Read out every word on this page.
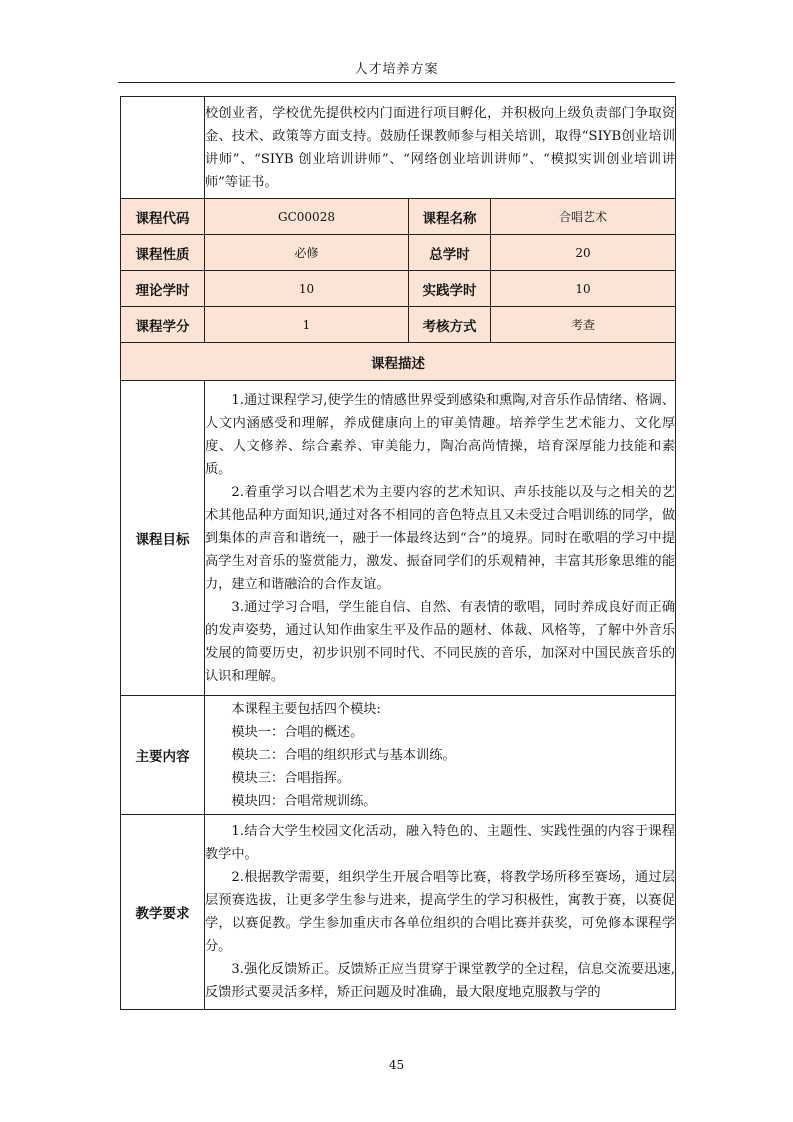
人才培养方案

	校创业者，学校优先提供校内门面进行项目孵化，并积极向上级负责部门争取资金、技术、政策等方面支持。鼓励任课教师参与相关培训，取得“SIYB创业培训讲师”、“SIYB 创业培训讲师”、“网络创业培训讲师”、“模拟实训创业培训讲师”等证书。		

课程代码	GC00028	课程名称	合唱艺术
课程性质	必修	总学时	20
理论学时	10	实践学时	10
课程学分	1	考核方式	考查
课程描述			
课程目标	1.通过课程学习,使学生的情感世界受到感染和熏陶,对音乐作品情绪、格调、人文内涵感受和理解，养成健康向上的审美情趣。培养学生艺术能力、文化厚度、人文修养、综合素养、审美能力，陶冶高尚情操，培育深厚能力技能和素质。

2.着重学习以合唱艺术为主要内容的艺术知识、声乐技能以及与之相关的艺术其他品种方面知识,通过对各不相同的音色特点且又未受过合唱训练的同学，做到集体的声音和谐统一，融于一体最终达到“合”的境界。同时在歌唱的学习中提高学生对音乐的鉴赏能力，激发、振奋同学们的乐观精神，丰富其形象思维的能力，建立和谐融洽的合作友谊。

3.通过学习合唱，学生能自信、自然、有表情的歌唱，同时养成良好而正确的发声姿势，通过认知作曲家生平及作品的题材、体裁、风格等，了解中外音乐发展的简要历史，初步识别不同时代、不同民族的音乐，加深对中国民族音乐的认识和理解。		

主要内容	本课程主要包括四个模块:

模块一：合唱的概述。

模块二：合唱的组织形式与基本训练。

模块三：合唱指挥。

模块四：合唱常规训练。		

教学要求	1.结合大学生校园文化活动，融入特色的、主题性、实践性强的内容于课程教学中。

2.根据教学需要，组织学生开展合唱等比赛，将教学场所移至赛场，通过层层预赛选拔，让更多学生参与进来，提高学生的学习积极性，寓教于赛，以赛促学，以赛促教。学生参加重庆市各单位组织的合唱比赛并获奖，可免修本课程学分。

3.强化反馈矫正。反馈矫正应当贯穿于课堂教学的全过程，信息交流要迅速,反馈形式要灵活多样，矫正问题及时准确，最大限度地克服教与学的		

45
